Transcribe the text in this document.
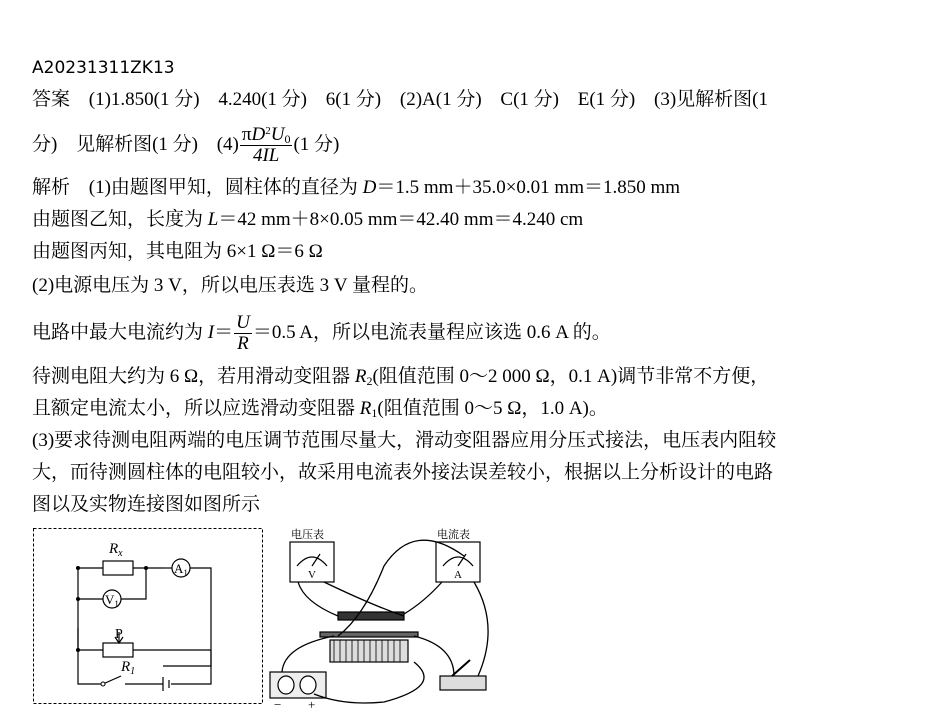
A20231311ZK13
答案 (1)1.850(1 分) 4.240(1 分) 6(1 分) (2)A(1 分) C(1 分) E(1 分) (3)见解析图(1
分) 见解析图(1 分) $(4) \frac{\pi D^2U_0}{4IL} (1$ 分)
解析 (1)由题图甲知，圆柱体的直径为 D＝1.5 mm＋35.0×0.01 mm＝1.850 mm
由题图乙知，长度为 L＝42 mm＋8×0.05 mm＝42.40 mm＝4.240 cm
由题图丙知，其电阻为 6×1 Ω＝6 Ω
(2)电源电压为 3 V，所以电压表选 3 V 量程的。
电路中最大电流约为 $I= \frac{U}{R} =0.5$ A，所以电流表量程应该选 0.6 A 的。
待测电阻大约为 6 Ω，若用滑动变阻器 $R_2$(阻值范围 0～2 000 Ω，0.1 A)调节非常不方便，
且额定电流太小，所以应选滑动变阻器 $R_1$(阻值范围 0～5 Ω，1.0 A)。
(3)要求待测电阻两端的电压调节范围尽量大，滑动变阻器应用分压式接法，电压表内阻较
大，而待测圆柱体的电阻较小，故采用电流表外接法误差较小，根据以上分析设计的电路
图以及实物连接图如图所示
$R_x$
$A_1$
$V_1$
P
$R_1$
电压表	电流表
V	A
− +
